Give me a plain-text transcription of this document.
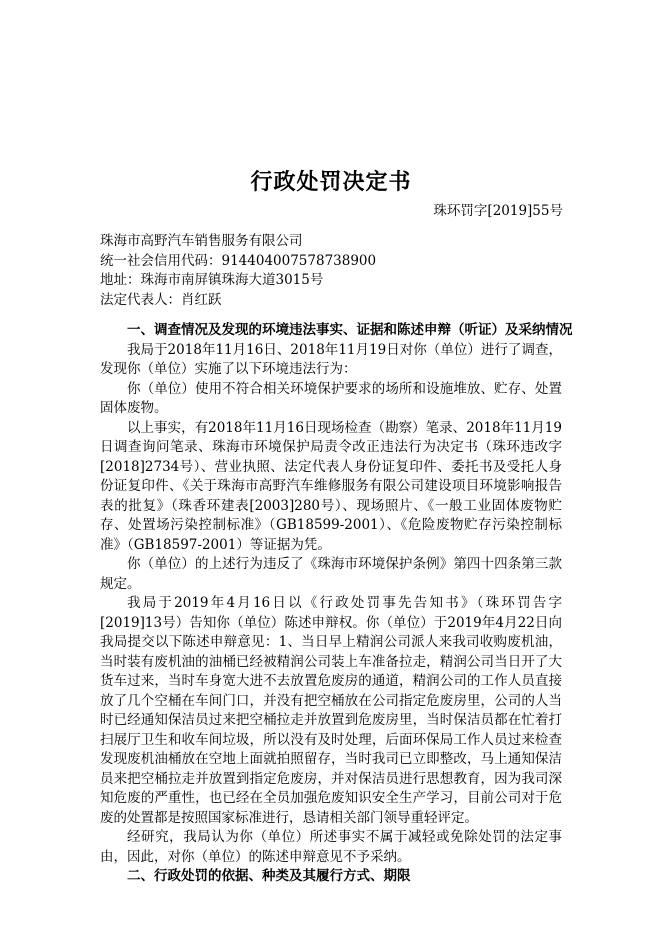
行政处罚决定书

珠环罚字[2019]55号

珠海市高野汽车销售服务有限公司

统一社会信用代码：914404007578738900

地址：珠海市南屏镇珠海大道3015号

法定代表人：肖红跃

一、调查情况及发现的环境违法事实、证据和陈述申辩（听证）及采纳情况

我局于2018年11月16日、2018年11月19日对你（单位）进行了调查，发现你（单位）实施了以下环境违法行为：

你（单位）使用不符合相关环境保护要求的场所和设施堆放、贮存、处置固体废物。

以上事实，有2018年11月16日现场检查（勘察）笔录、2018年11月19日调查询问笔录、珠海市环境保护局责令改正违法行为决定书（珠环违改字[2018]2734号）、营业执照、法定代表人身份证复印件、委托书及受托人身份证复印件、《关于珠海市高野汽车维修服务有限公司建设项目环境影响报告表的批复》（珠香环建表[2003]280号）、现场照片、《一般工业固体废物贮存、处置场污染控制标准》（GB18599-2001）、《危险废物贮存污染控制标准》（GB18597-2001）等证据为凭。

你（单位）的上述行为违反了《珠海市环境保护条例》第四十四条第三款规定。

我局于2019年4月16日以《行政处罚事先告知书》（珠环罚告字[2019]13号）告知你（单位）陈述申辩权。你（单位）于2019年4月22日向我局提交以下陈述申辩意见：1、当日早上精润公司派人来我司收购废机油，当时装有废机油的油桶已经被精润公司装上车准备拉走，精润公司当日开了大货车过来，当时车身宽大进不去放置危废房的通道，精润公司的工作人员直接放了几个空桶在车间门口，并没有把空桶放在公司指定危废房里，公司的人当时已经通知保洁员过来把空桶拉走并放置到危废房里，当时保洁员都在忙着打扫展厅卫生和收车间垃圾，所以没有及时处理，后面环保局工作人员过来检查发现废机油桶放在空地上面就拍照留存，当时我司已立即整改，马上通知保洁员来把空桶拉走并放置到指定危废房，并对保洁员进行思想教育，因为我司深知危废的严重性，也已经在全员加强危废知识安全生产学习，目前公司对于危废的处置都是按照国家标准进行，恳请相关部门领导重轻评定。

经研究，我局认为你（单位）所述事实不属于减轻或免除处罚的法定事由，因此，对你（单位）的陈述申辩意见不予采纳。

二、行政处罚的依据、种类及其履行方式、期限
